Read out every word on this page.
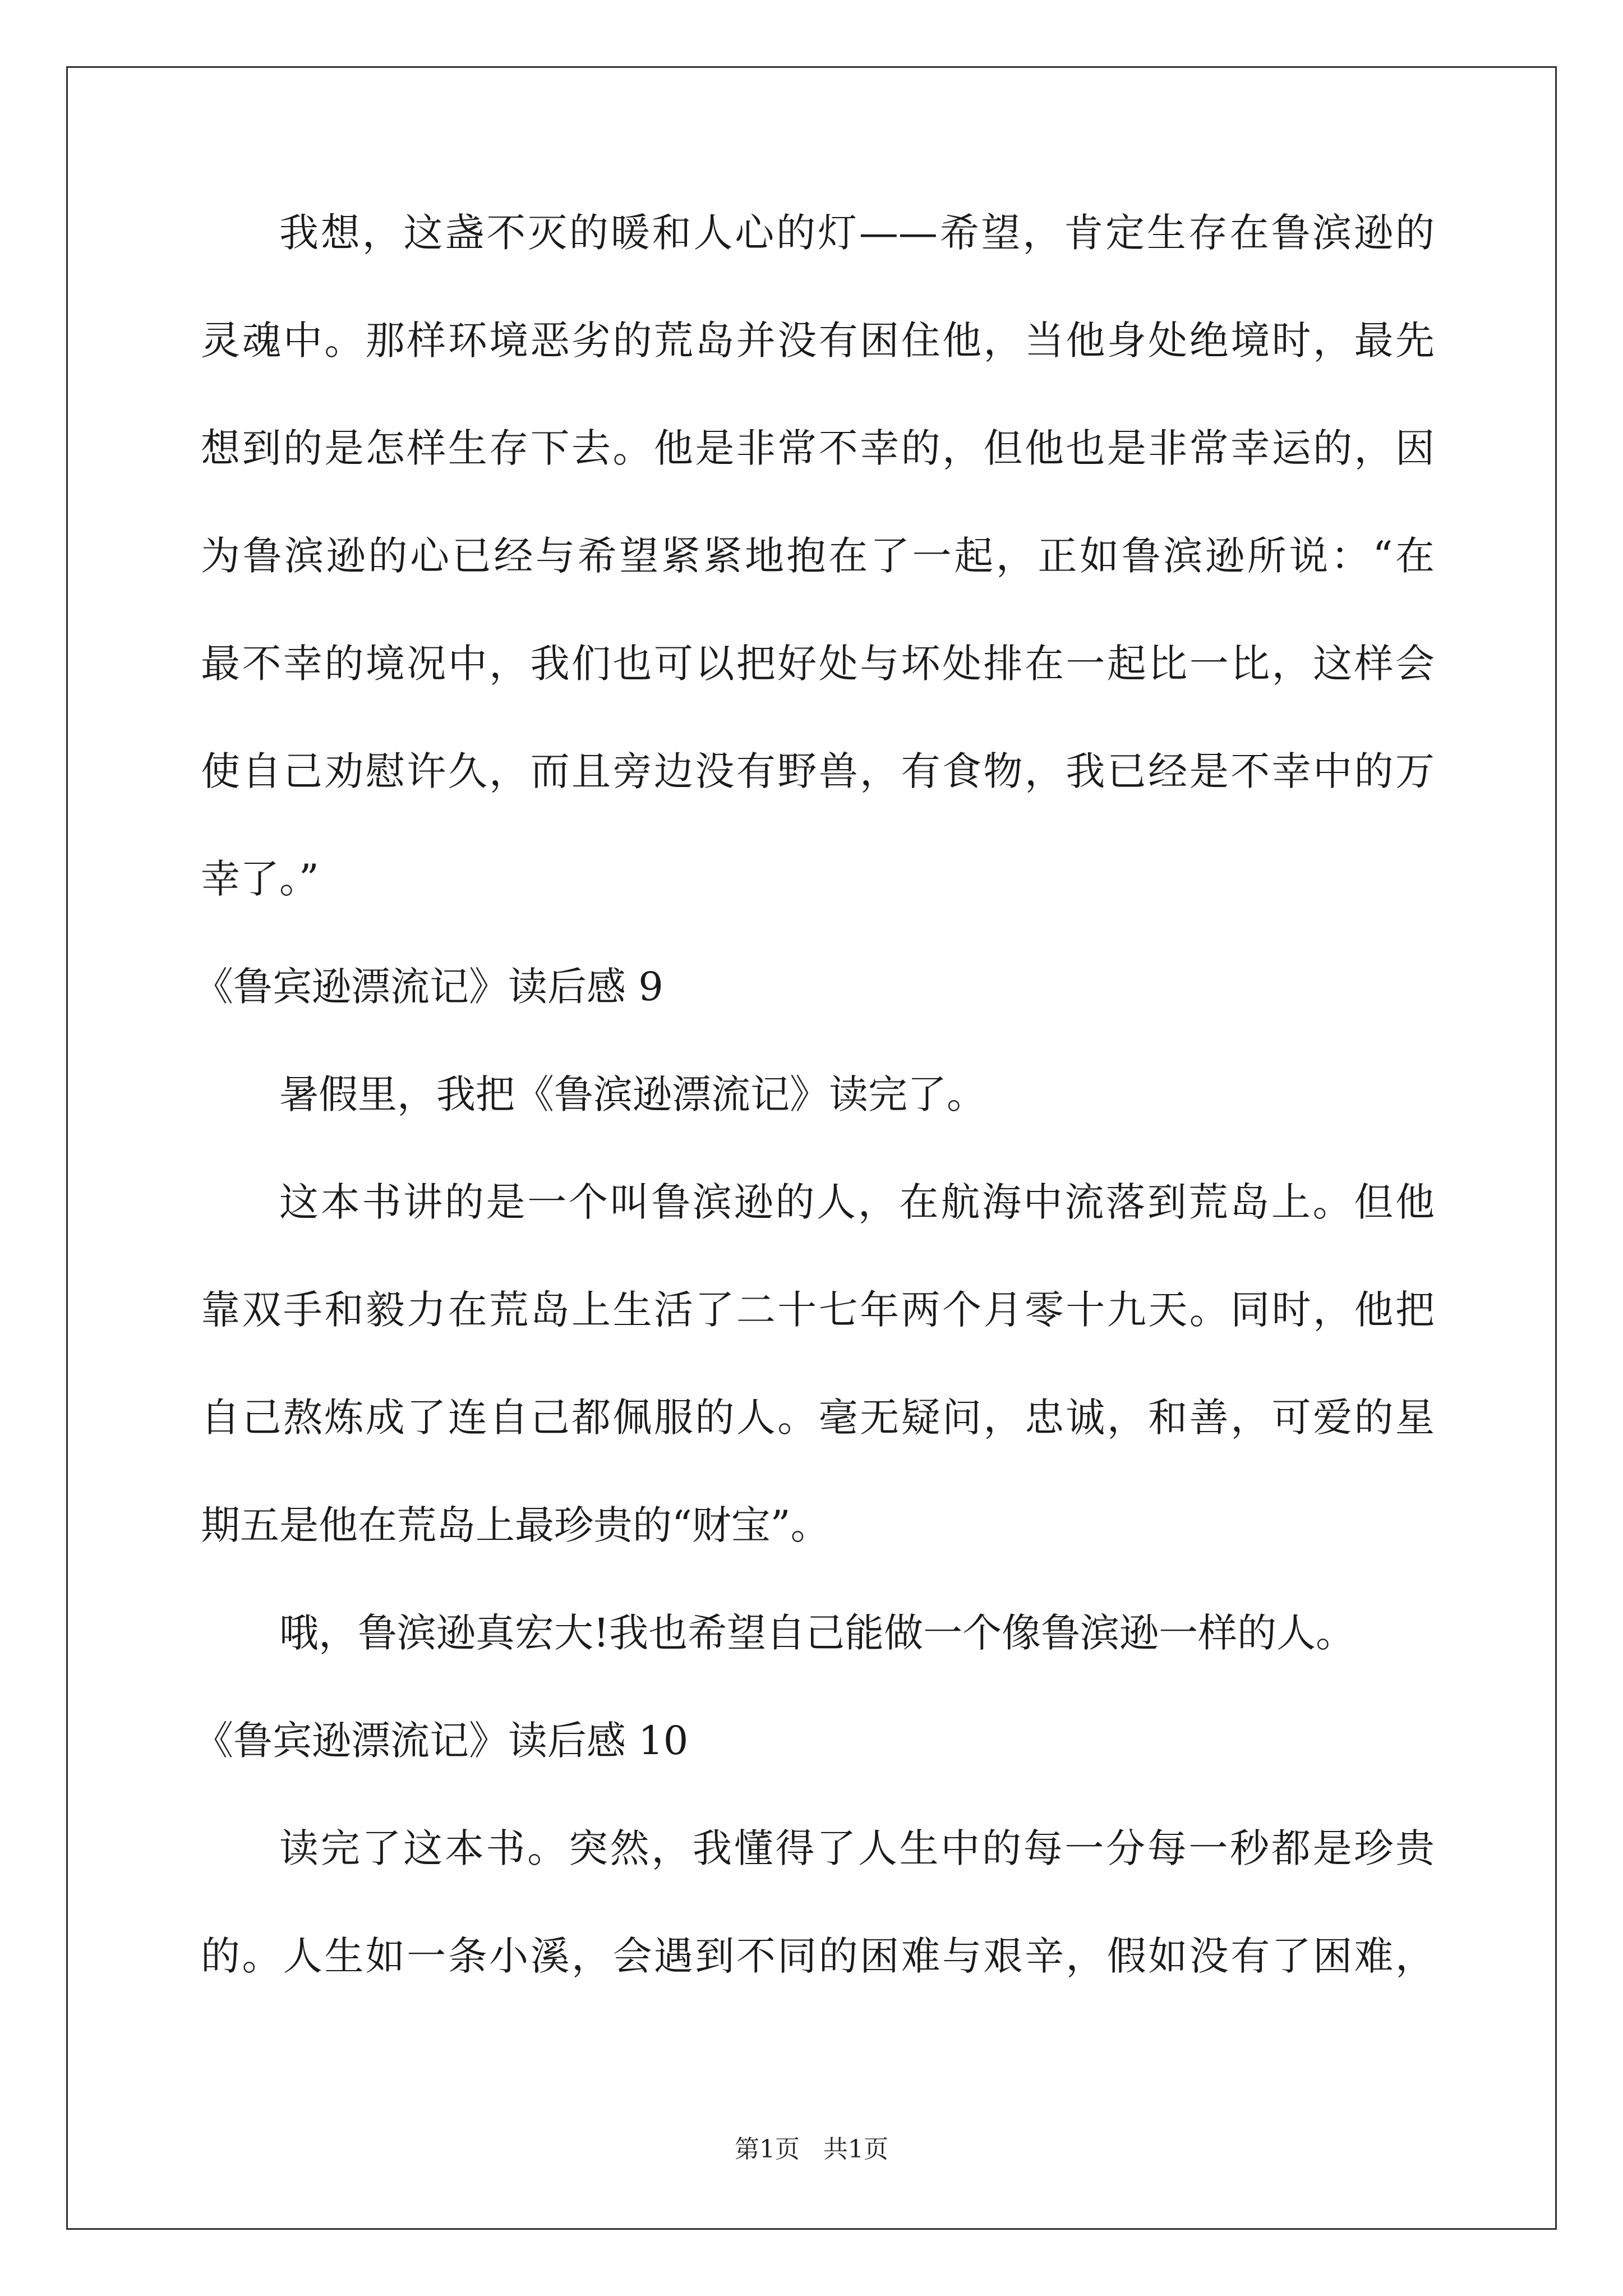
我想，这盏不灭的暖和人心的灯——希望，肯定生存在鲁滨逊的
灵魂中。那样环境恶劣的荒岛并没有困住他，当他身处绝境时，最先
想到的是怎样生存下去。他是非常不幸的，但他也是非常幸运的，因
为鲁滨逊的心已经与希望紧紧地抱在了一起，正如鲁滨逊所说：“在
最不幸的境况中，我们也可以把好处与坏处排在一起比一比，这样会
使自己劝慰许久，而且旁边没有野兽，有食物，我已经是不幸中的万
幸了。”
《鲁宾逊漂流记》读后感 9
暑假里，我把《鲁滨逊漂流记》读完了。
这本书讲的是一个叫鲁滨逊的人，在航海中流落到荒岛上。但他
靠双手和毅力在荒岛上生活了二十七年两个月零十九天。同时，他把
自己熬炼成了连自己都佩服的人。毫无疑问，忠诚，和善，可爱的星
期五是他在荒岛上最珍贵的“财宝”。
哦，鲁滨逊真宏大!我也希望自己能做一个像鲁滨逊一样的人。
《鲁宾逊漂流记》读后感 10
读完了这本书。突然，我懂得了人生中的每一分每一秒都是珍贵
的。人生如一条小溪，会遇到不同的困难与艰辛，假如没有了困难，
第1页 共1页
